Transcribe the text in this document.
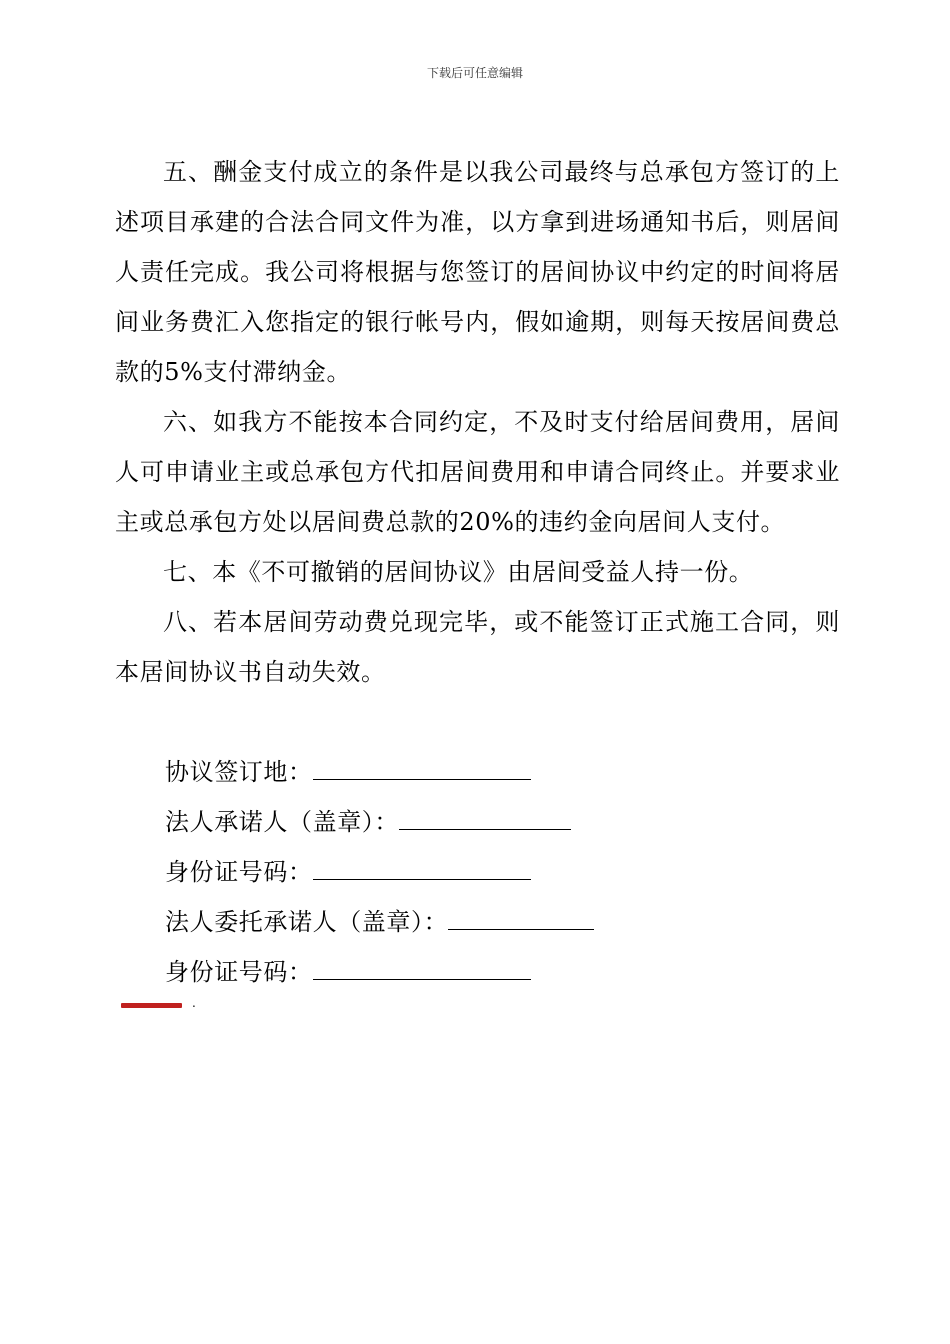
下载后可任意编辑

五、酬金支付成立的条件是以我公司最终与总承包方签订的上述项目承建的合法合同文件为准，以方拿到进场通知书后，则居间人责任完成。我公司将根据与您签订的居间协议中约定的时间将居间业务费汇入您指定的银行帐号内，假如逾期，则每天按居间费总款的5%支付滞纳金。

六、如我方不能按本合同约定，不及时支付给居间费用，居间人可申请业主或总承包方代扣居间费用和申请合同终止。并要求业主或总承包方处以居间费总款的20%的违约金向居间人支付。

七、本《不可撤销的居间协议》由居间受益人持一份。

八、若本居间劳动费兑现完毕，或不能签订正式施工合同，则本居间协议书自动失效。

协议签订地：
法人承诺人（盖章）：
身份证号码：
法人委托承诺人（盖章）：
身份证号码：
.
